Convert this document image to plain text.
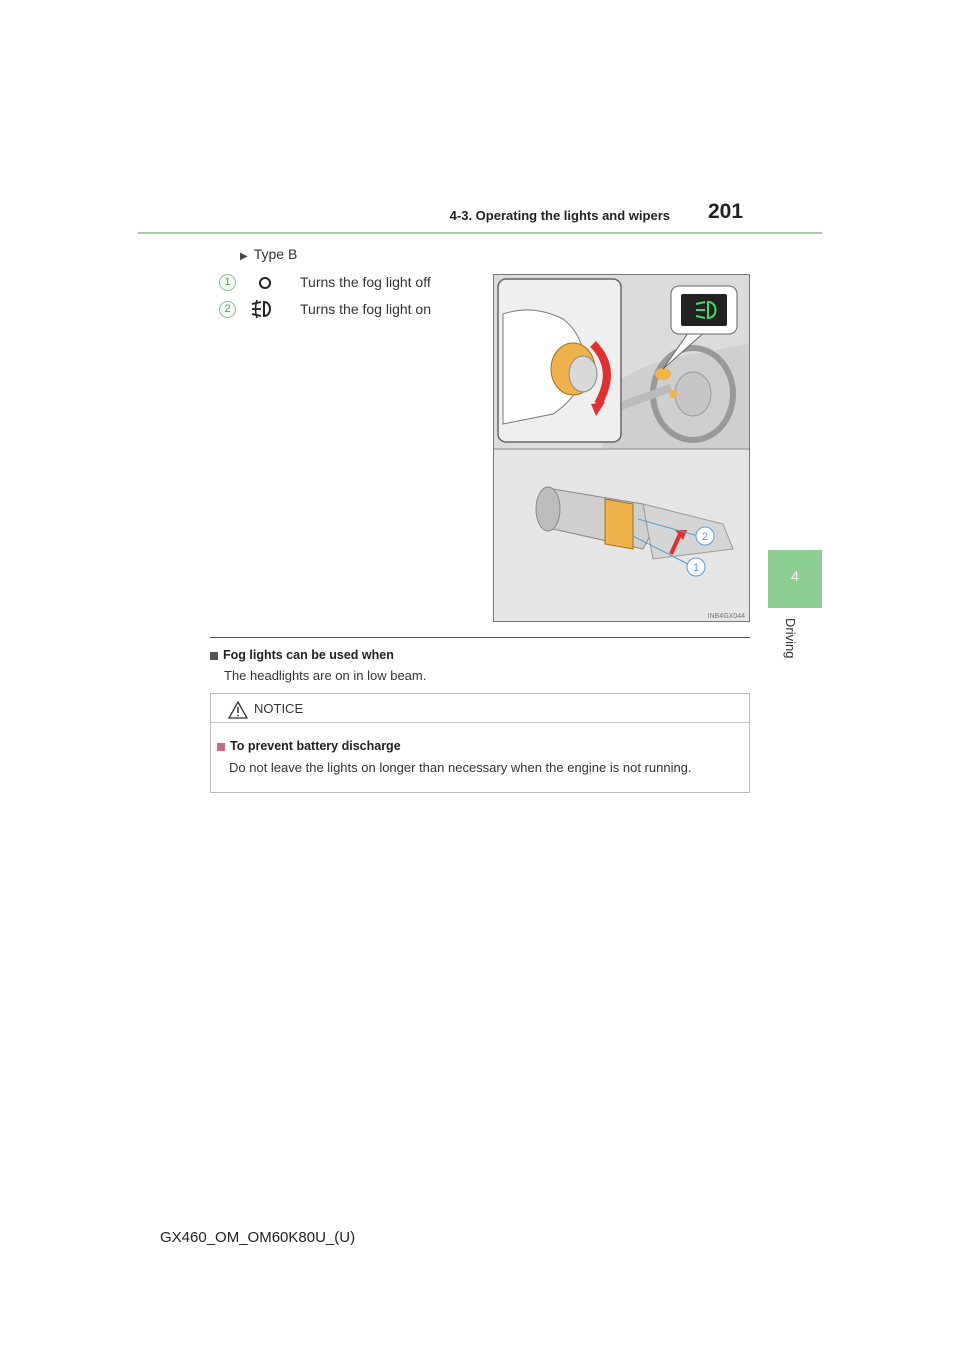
4-3. Operating the lights and wipers 201
4
Driving
▶ Type B
1	Turns the fog light off
2	Turns the fog light on
2
1
INB4GX044
Fog lights can be used when
The headlights are on in low beam.
NOTICE
To prevent battery discharge
Do not leave the lights on longer than necessary when the engine is not running.
GX460_OM_OM60K80U_(U)
